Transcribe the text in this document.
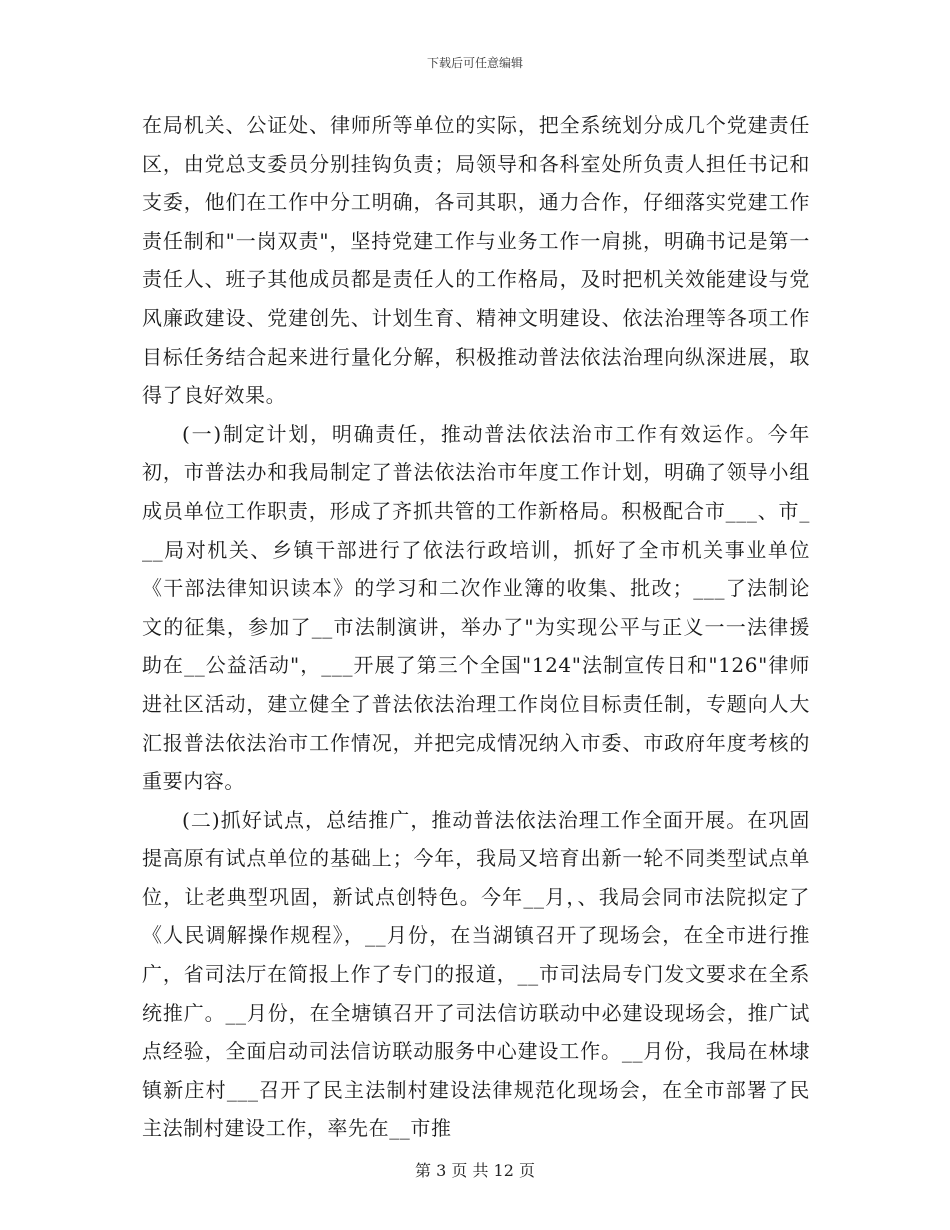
下载后可任意编辑

在局机关、公证处、律师所等单位的实际，把全系统划分成几个党建责任区，由党总支委员分别挂钩负责；局领导和各科室处所负责人担任书记和支委，他们在工作中分工明确，各司其职，通力合作，仔细落实党建工作责任制和"一岗双责"，坚持党建工作与业务工作一肩挑，明确书记是第一责任人、班子其他成员都是责任人的工作格局，及时把机关效能建设与党风廉政建设、党建创先、计划生育、精神文明建设、依法治理等各项工作目标任务结合起来进行量化分解，积极推动普法依法治理向纵深进展，取得了良好效果。

(一)制定计划，明确责任，推动普法依法治市工作有效运作。今年初，市普法办和我局制定了普法依法治市年度工作计划，明确了领导小组成员单位工作职责，形成了齐抓共管的工作新格局。积极配合市___、市___局对机关、乡镇干部进行了依法行政培训，抓好了全市机关事业单位《干部法律知识读本》的学习和二次作业簿的收集、批改；___了法制论文的征集，参加了__市法制演讲，举办了"为实现公平与正义一一法律援助在__公益活动"，___开展了第三个全国"124"法制宣传日和"126"律师进社区活动，建立健全了普法依法治理工作岗位目标责任制，专题向人大汇报普法依法治市工作情况，并把完成情况纳入市委、市政府年度考核的重要内容。

(二)抓好试点，总结推广，推动普法依法治理工作全面开展。在巩固提高原有试点单位的基础上；今年，我局又培育出新一轮不同类型试点单位，让老典型巩固，新试点创特色。今年__月，、我局会同市法院拟定了《人民调解操作规程》，__月份，在当湖镇召开了现场会，在全市进行推广，省司法厅在简报上作了专门的报道，__市司法局专门发文要求在全系统推广。__月份，在全塘镇召开了司法信访联动中必建设现场会，推广试点经验，全面启动司法信访联动服务中心建设工作。__月份，我局在林埭镇新庄村___召开了民主法制村建设法律规范化现场会，在全市部署了民主法制村建设工作，率先在__市推

第 3 页 共 12 页
